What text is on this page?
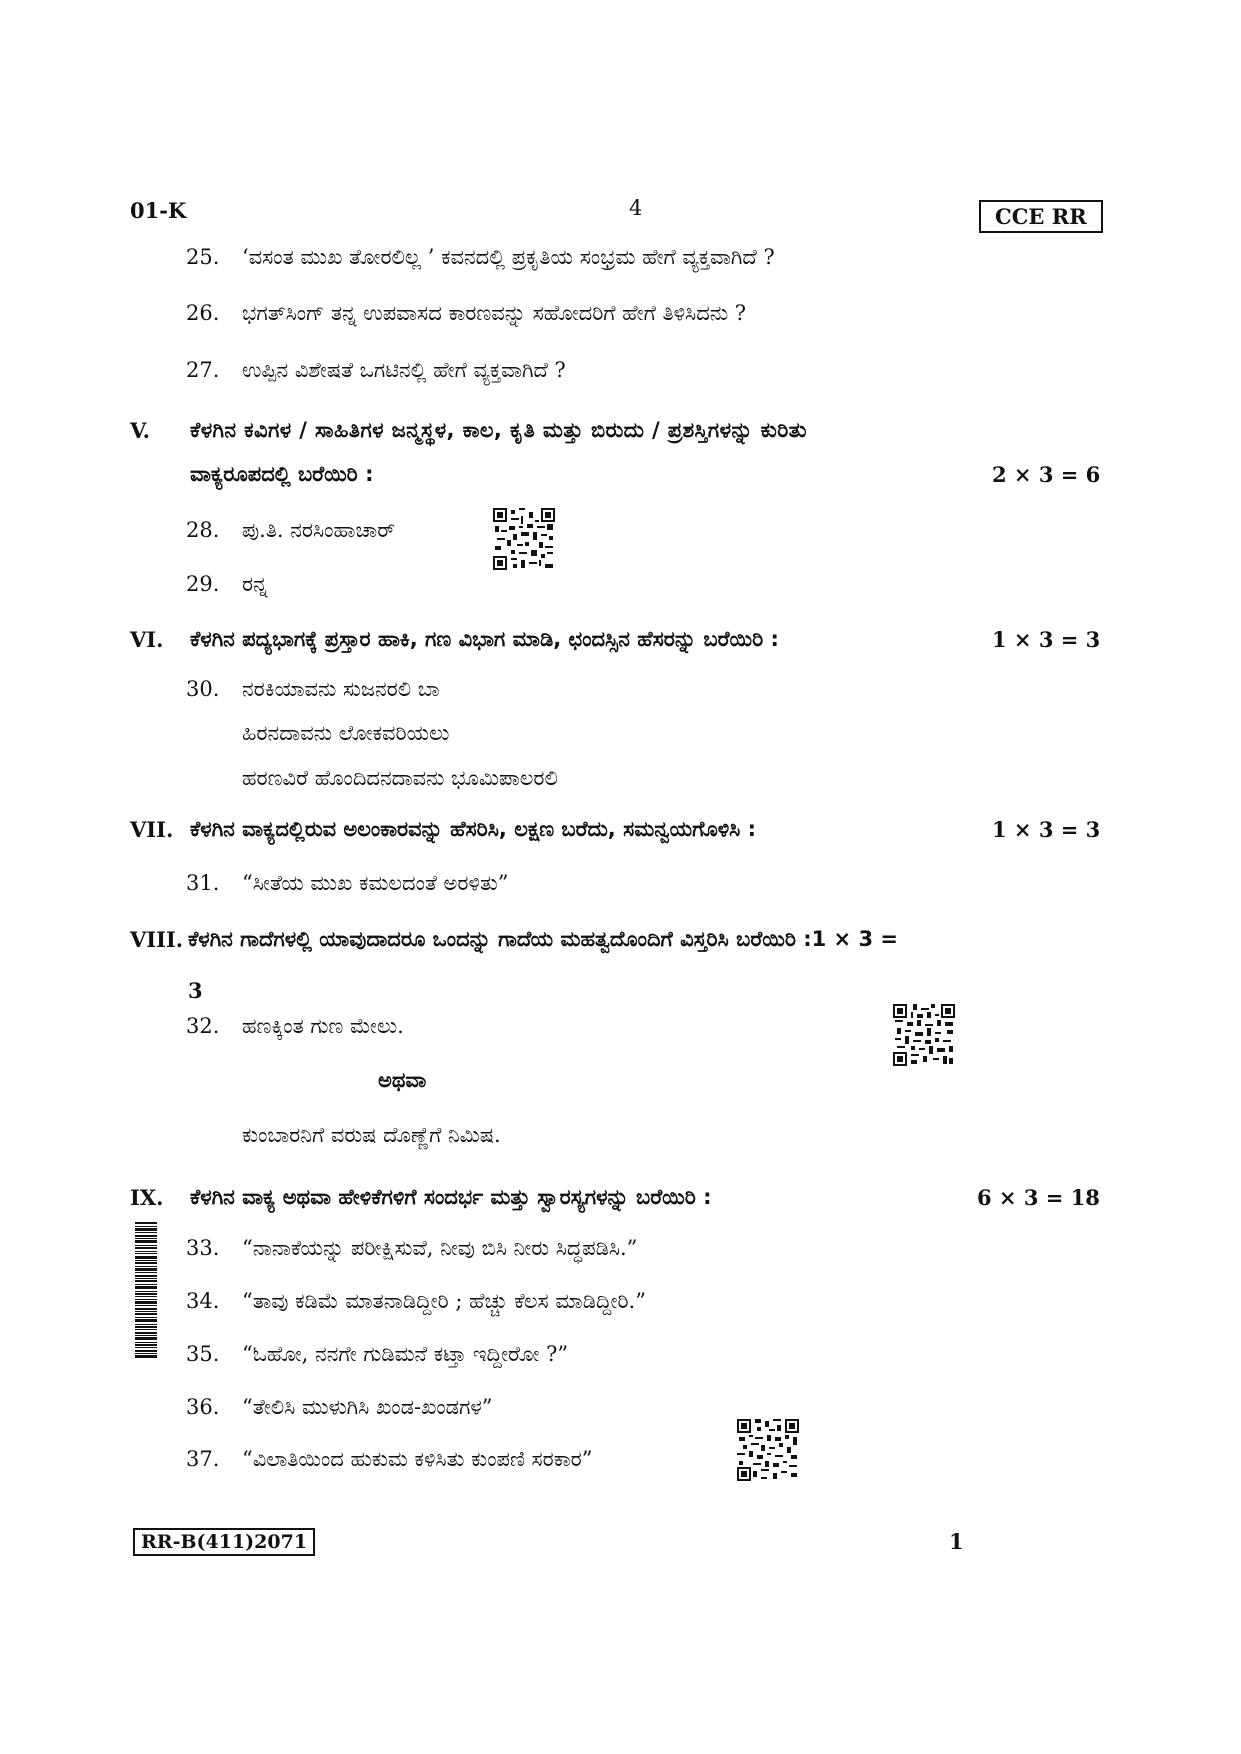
01-K	4	CCE RR
25. ‘ವಸಂತ ಮುಖ ತೋರಲಿಲ್ಲ ’ ಕವನದಲ್ಲಿ ಪ್ರಕೃತಿಯ ಸಂಭ್ರಮ ಹೇಗೆ ವ್ಯಕ್ತವಾಗಿದೆ ?
26. ಭಗತ್‌ಸಿಂಗ್ ತನ್ನ ಉಪವಾಸದ ಕಾರಣವನ್ನು ಸಹೋದರಿಗೆ ಹೇಗೆ ತಿಳಿಸಿದನು ?
27. ಉಪ್ಪಿನ ವಿಶೇಷತೆ ಒಗಟಿನಲ್ಲಿ ಹೇಗೆ ವ್ಯಕ್ತವಾಗಿದೆ ?
V. ಕೆಳಗಿನ ಕವಿಗಳ / ಸಾಹಿತಿಗಳ ಜನ್ಮಸ್ಥಳ, ಕಾಲ, ಕೃತಿ ಮತ್ತು ಬಿರುದು / ಪ್ರಶಸ್ತಿಗಳನ್ನು ಕುರಿತು
ವಾಕ್ಯರೂಪದಲ್ಲಿ ಬರೆಯಿರಿ :	2 × 3 = 6
28. ಪು.ತಿ. ನರಸಿಂಹಾಚಾರ್
29. ರನ್ನ
VI. ಕೆಳಗಿನ ಪದ್ಯಭಾಗಕ್ಕೆ ಪ್ರಸ್ತಾರ ಹಾಕಿ, ಗಣ ವಿಭಾಗ ಮಾಡಿ, ಛಂದಸ್ಸಿನ ಹೆಸರನ್ನು ಬರೆಯಿರಿ :	1 × 3 = 3
30. ನರಕಿಯಾವನು ಸುಜನರಲಿ ಬಾ
ಹಿರನದಾವನು ಲೋಕವರಿಯಲು
ಹರಣವಿರೆ ಹೊಂದಿದನದಾವನು ಭೂಮಿಪಾಲರಲಿ
VII. ಕೆಳಗಿನ ವಾಕ್ಯದಲ್ಲಿರುವ ಅಲಂಕಾರವನ್ನು ಹೆಸರಿಸಿ, ಲಕ್ಷಣ ಬರೆದು, ಸಮನ್ವಯಗೊಳಿಸಿ :	1 × 3 = 3
31. “ಸೀತೆಯ ಮುಖ ಕಮಲದಂತೆ ಅರಳಿತು”
VIII. ಕೆಳಗಿನ ಗಾದೆಗಳಲ್ಲಿ ಯಾವುದಾದರೂ ಒಂದನ್ನು ಗಾದೆಯ ಮಹತ್ವದೊಂದಿಗೆ ವಿಸ್ತರಿಸಿ ಬರೆಯಿರಿ :1 × 3 =
3
32. ಹಣಕ್ಕಿಂತ ಗುಣ ಮೇಲು.
ಅಥವಾ
ಕುಂಬಾರನಿಗೆ ವರುಷ ದೊಣ್ಣೆಗೆ ನಿಮಿಷ.
IX. ಕೆಳಗಿನ ವಾಕ್ಯ ಅಥವಾ ಹೇಳಿಕೆಗಳಿಗೆ ಸಂದರ್ಭ ಮತ್ತು ಸ್ವಾರಸ್ಯಗಳನ್ನು ಬರೆಯಿರಿ :	6 × 3 = 18
33. “ನಾನಾಕೆಯನ್ನು ಪರೀಕ್ಷಿಸುವೆ, ನೀವು ಬಿಸಿ ನೀರು ಸಿದ್ಧಪಡಿಸಿ.”
34. “ತಾವು ಕಡಿಮೆ ಮಾತನಾಡಿದ್ದೀರಿ ; ಹೆಚ್ಚು ಕೆಲಸ ಮಾಡಿದ್ದೀರಿ.”
35. “ಓಹೋ, ನನಗೇ ಗುಡಿಮನೆ ಕಟ್ತಾ ಇದ್ದೀರೋ ?”
36. “ತೇಲಿಸಿ ಮುಳುಗಿಸಿ ಖಂಡ-ಖಂಡಗಳ”
37. “ವಿಲಾತಿಯಿಂದ ಹುಕುಮ ಕಳಿಸಿತು ಕುಂಪಣಿ ಸರಕಾರ”
RR-B(411)2071	1
